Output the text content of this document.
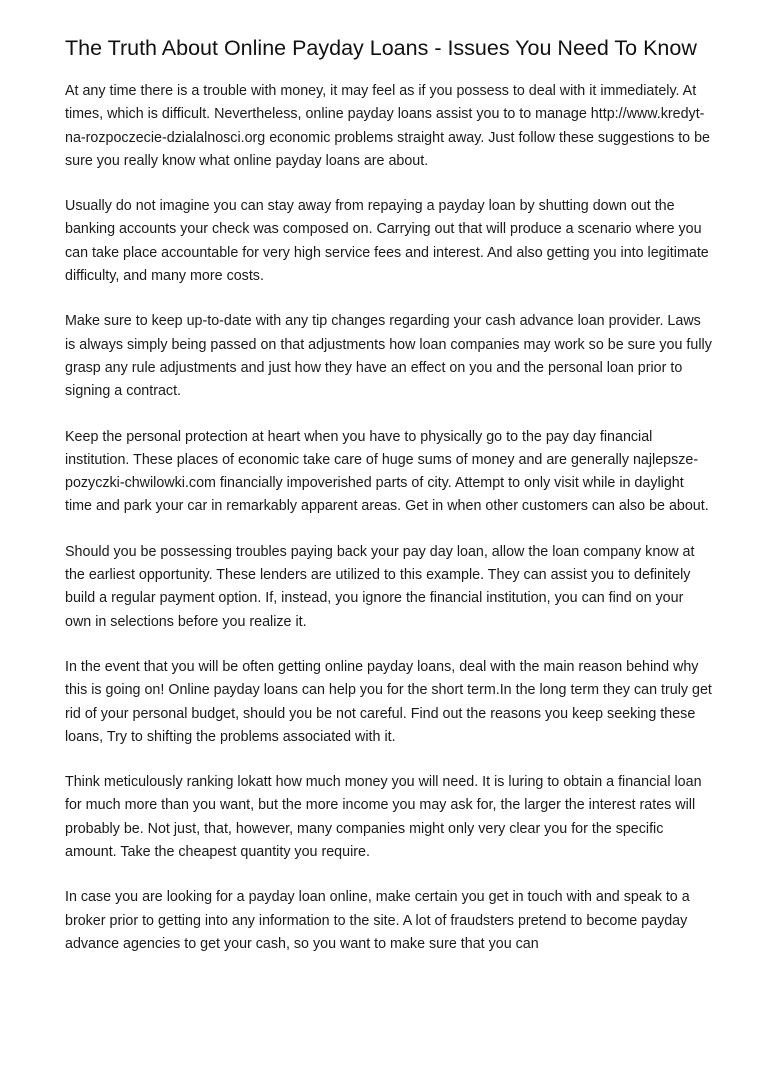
The Truth About Online Payday Loans - Issues You Need To Know

At any time there is a trouble with money, it may feel as if you possess to deal with it immediately. At times, which is difficult. Nevertheless, online payday loans assist you to to manage http://www.kredyt-na-rozpoczecie-dzialalnosci.org economic problems straight away. Just follow these suggestions to be sure you really know what online payday loans are about.

Usually do not imagine you can stay away from repaying a payday loan by shutting down out the banking accounts your check was composed on. Carrying out that will produce a scenario where you can take place accountable for very high service fees and interest. And also getting you into legitimate difficulty, and many more costs.

Make sure to keep up-to-date with any tip changes regarding your cash advance loan provider. Laws is always simply being passed on that adjustments how loan companies may work so be sure you fully grasp any rule adjustments and just how they have an effect on you and the personal loan prior to signing a contract.

Keep the personal protection at heart when you have to physically go to the pay day financial institution. These places of economic take care of huge sums of money and are generally najlepsze-pozyczki-chwilowki.com financially impoverished parts of city. Attempt to only visit while in daylight time and park your car in remarkably apparent areas. Get in when other customers can also be about.

Should you be possessing troubles paying back your pay day loan, allow the loan company know at the earliest opportunity. These lenders are utilized to this example. They can assist you to definitely build a regular payment option. If, instead, you ignore the financial institution, you can find on your own in selections before you realize it.

In the event that you will be often getting online payday loans, deal with the main reason behind why this is going on! Online payday loans can help you for the short term.In the long term they can truly get rid of your personal budget, should you be not careful. Find out the reasons you keep seeking these loans, Try to shifting the problems associated with it.

Think meticulously ranking lokatt how much money you will need. It is luring to obtain a financial loan for much more than you want, but the more income you may ask for, the larger the interest rates will probably be. Not just, that, however, many companies might only very clear you for the specific amount. Take the cheapest quantity you require.

In case you are looking for a payday loan online, make certain you get in touch with and speak to a broker prior to getting into any information to the site. A lot of fraudsters pretend to become payday advance agencies to get your cash, so you want to make sure that you can
